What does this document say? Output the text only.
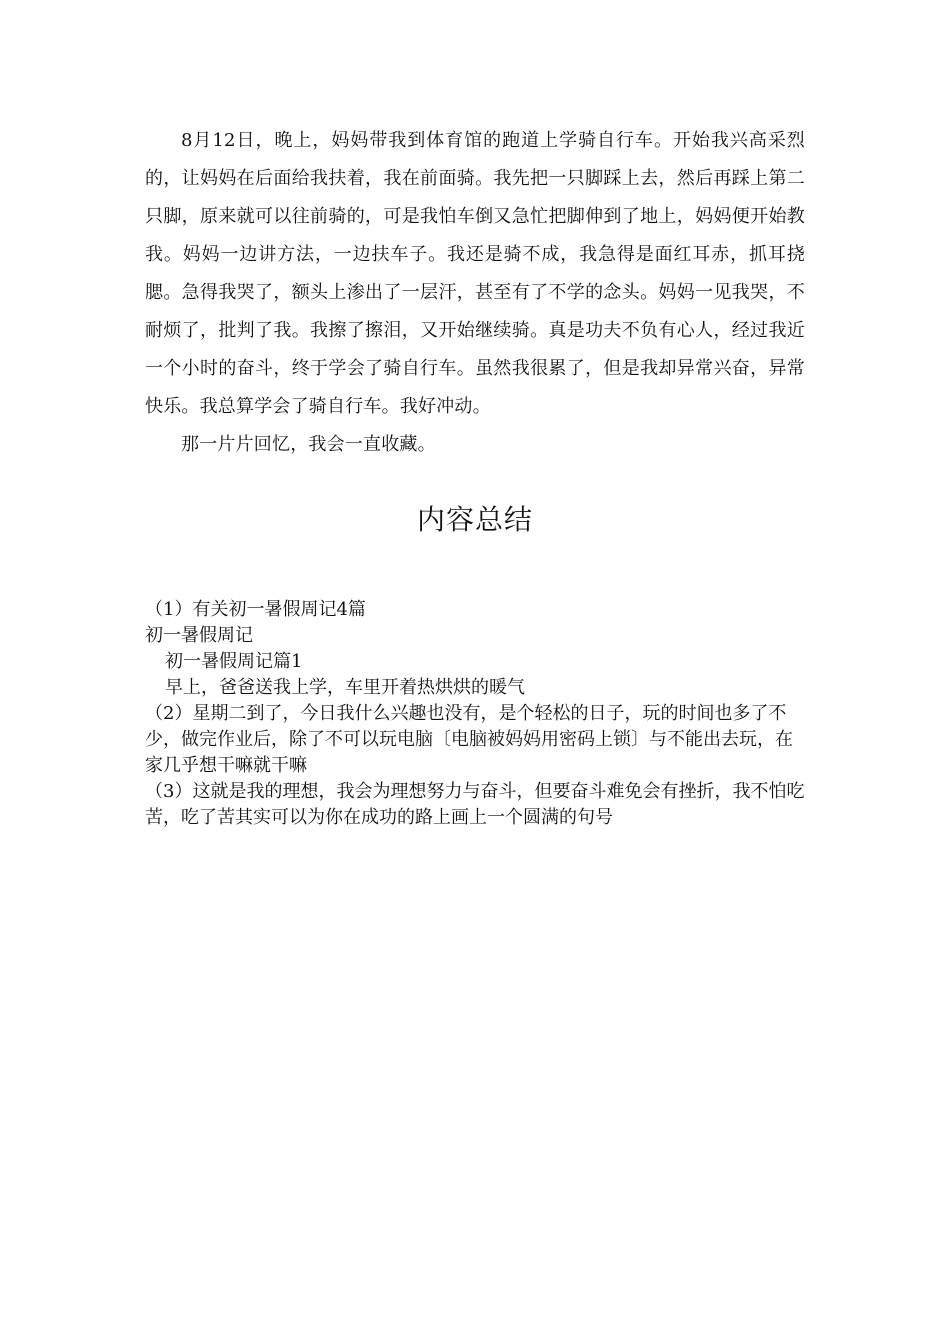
8月12日，晚上，妈妈带我到体育馆的跑道上学骑自行车。开始我兴高采烈的，让妈妈在后面给我扶着，我在前面骑。我先把一只脚踩上去，然后再踩上第二只脚，原来就可以往前骑的，可是我怕车倒又急忙把脚伸到了地上，妈妈便开始教我。妈妈一边讲方法，一边扶车子。我还是骑不成，我急得是面红耳赤，抓耳挠腮。急得我哭了，额头上渗出了一层汗，甚至有了不学的念头。妈妈一见我哭，不耐烦了，批判了我。我擦了擦泪，又开始继续骑。真是功夫不负有心人，经过我近一个小时的奋斗，终于学会了骑自行车。虽然我很累了，但是我却异常兴奋，异常快乐。我总算学会了骑自行车。我好冲动。

那一片片回忆，我会一直收藏。

内容总结

（1）有关初一暑假周记4篇

初一暑假周记

初一暑假周记篇1

早上，爸爸送我上学，车里开着热烘烘的暖气

（2）星期二到了，今日我什么兴趣也没有，是个轻松的日子，玩的时间也多了不少，做完作业后，除了不可以玩电脑〔电脑被妈妈用密码上锁〕与不能出去玩，在家几乎想干嘛就干嘛

（3）这就是我的理想，我会为理想努力与奋斗，但要奋斗难免会有挫折，我不怕吃苦，吃了苦其实可以为你在成功的路上画上一个圆满的句号
